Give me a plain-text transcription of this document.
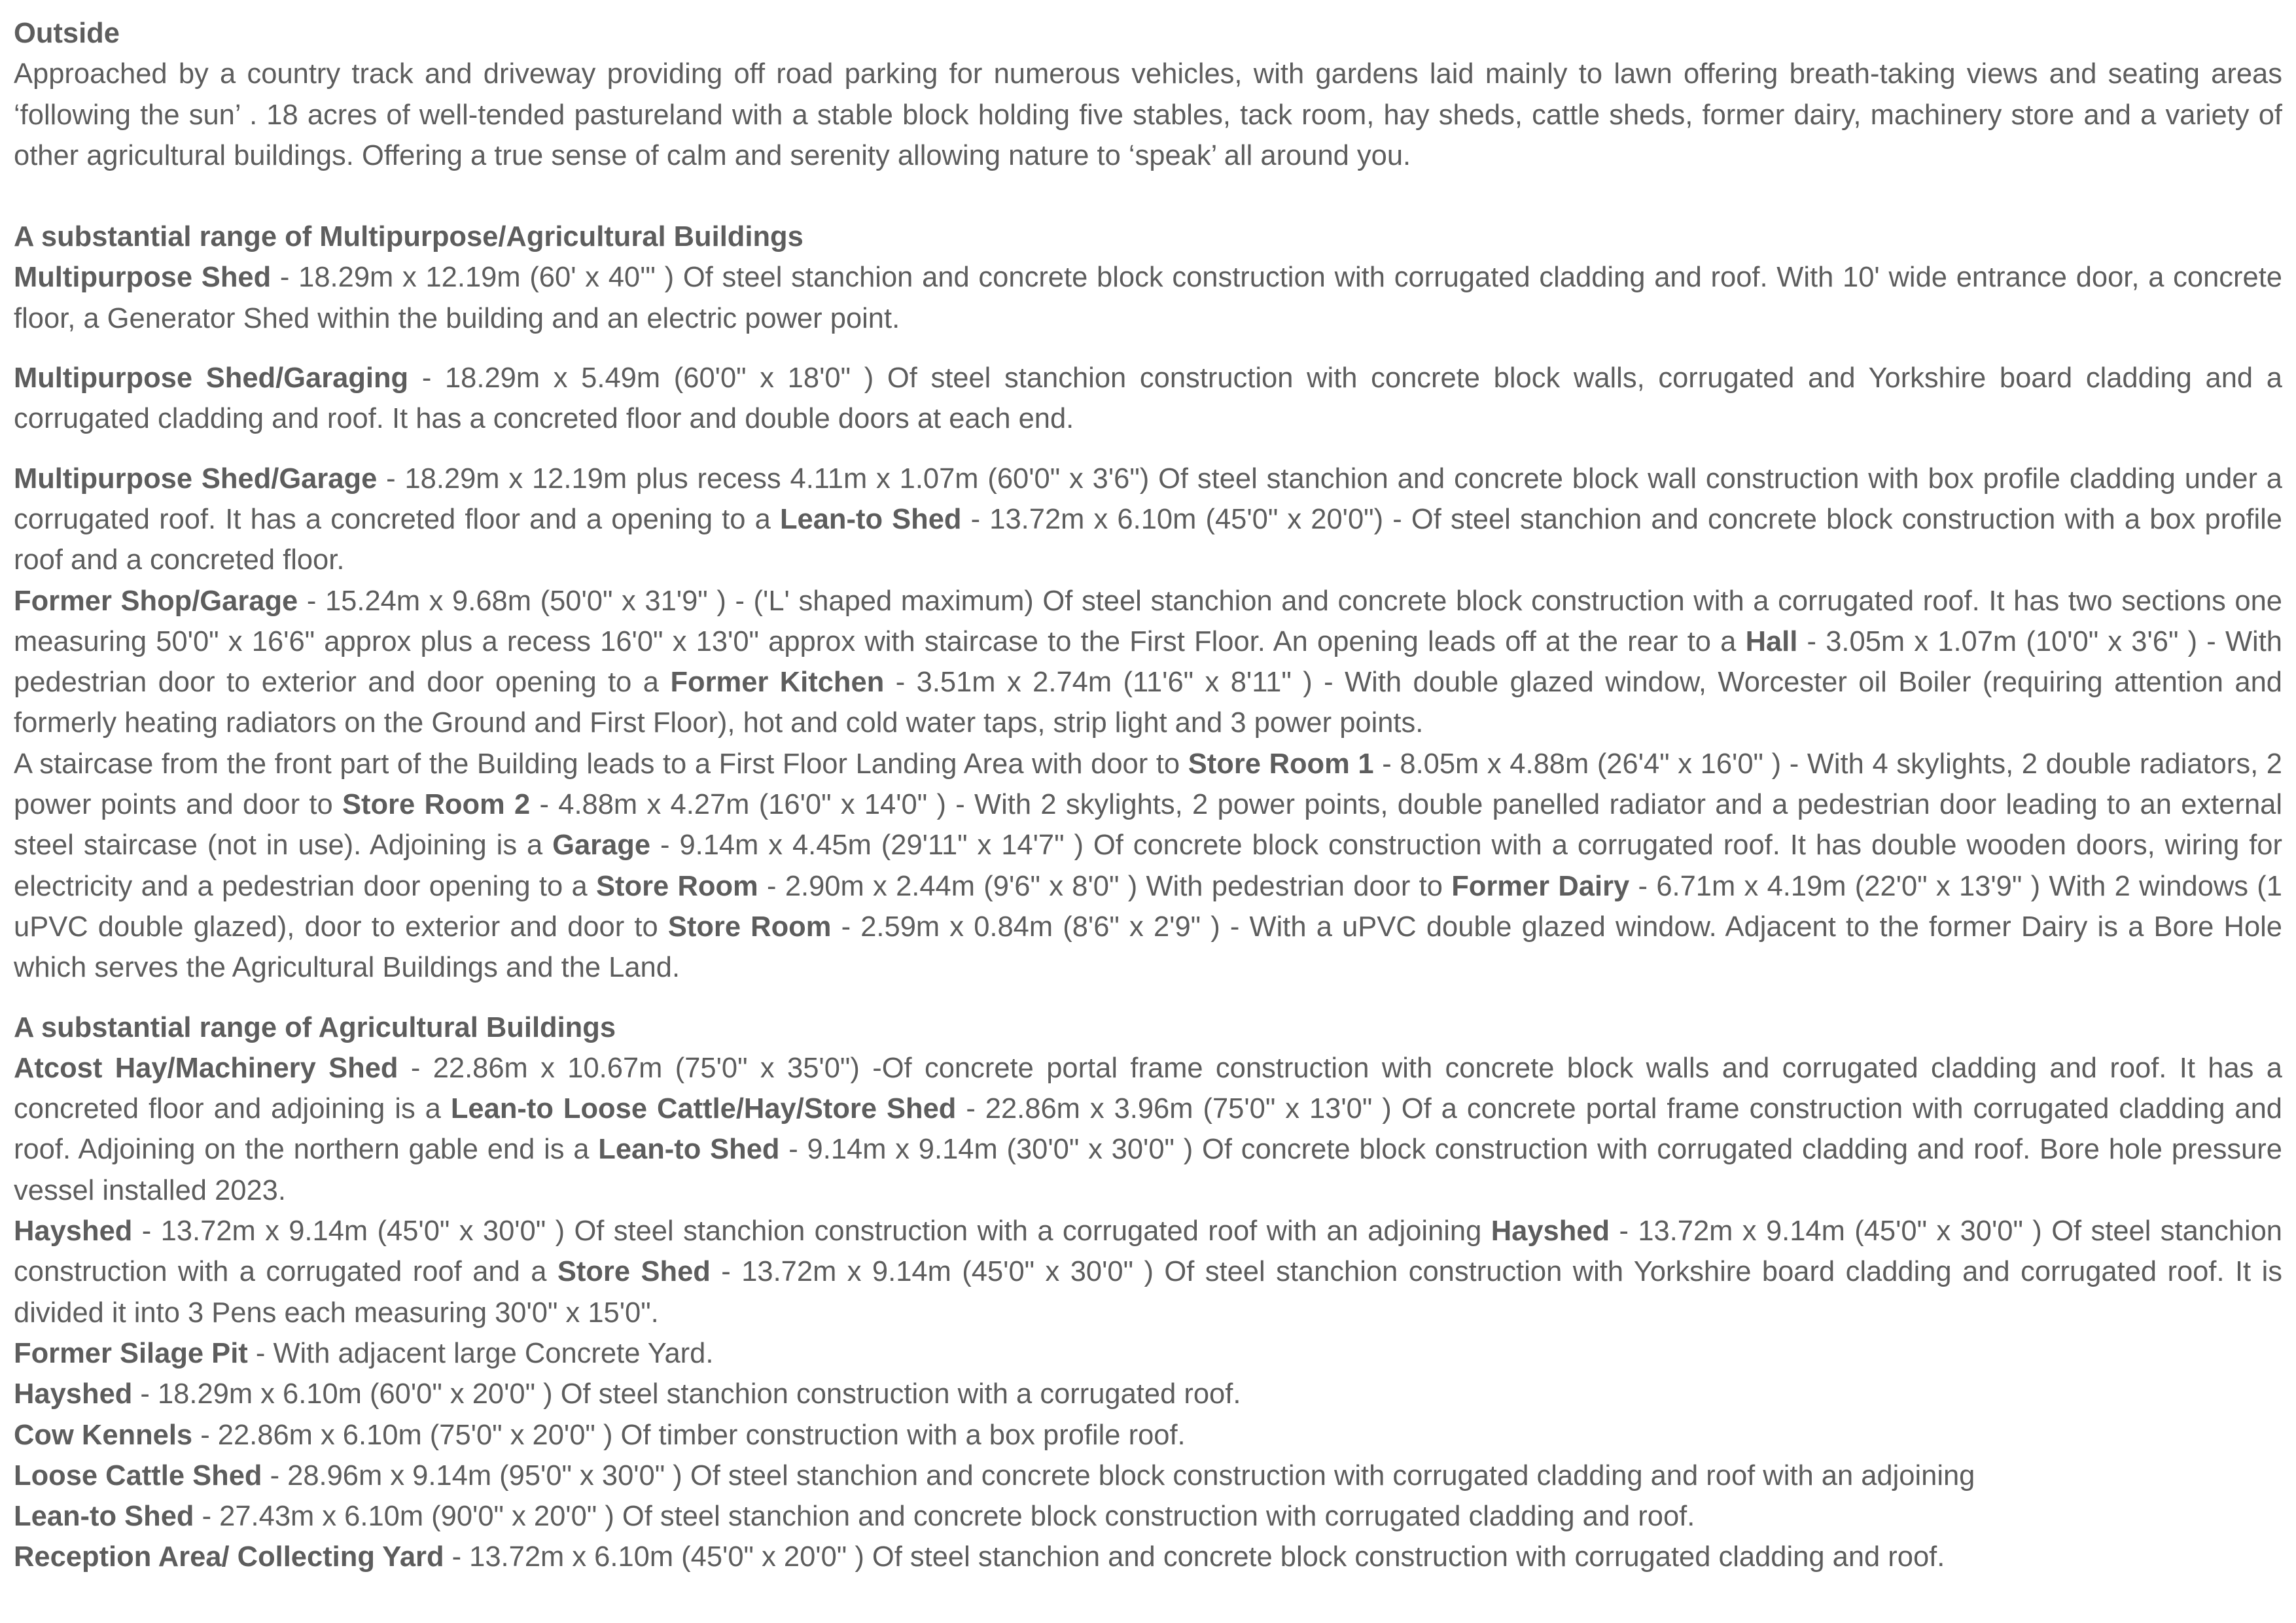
Outside

Approached by a country track and driveway providing off road parking for numerous vehicles, with gardens laid mainly to lawn offering breath-taking views and seating areas ‘following the sun’ . 18 acres of well-tended pastureland with a stable block holding five stables, tack room, hay sheds, cattle sheds, former dairy, machinery store and a variety of other agricultural buildings. Offering a true sense of calm and serenity allowing nature to ‘speak’ all around you.

A substantial range of Multipurpose/Agricultural Buildings

Multipurpose Shed - 18.29m x 12.19m (60' x 40'" ) Of steel stanchion and concrete block construction with corrugated cladding and roof. With 10' wide entrance door, a concrete floor, a Generator Shed within the building and an electric power point.

Multipurpose Shed/Garaging - 18.29m x 5.49m (60'0" x 18'0" ) Of steel stanchion construction with concrete block walls, corrugated and Yorkshire board cladding and a corrugated cladding and roof. It has a concreted floor and double doors at each end.

Multipurpose Shed/Garage - 18.29m x 12.19m plus recess 4.11m x 1.07m (60'0" x 3'6") Of steel stanchion and concrete block wall construction with box profile cladding under a corrugated roof. It has a concreted floor and a opening to a Lean-to Shed - 13.72m x 6.10m (45'0" x 20'0") - Of steel stanchion and concrete block construction with a box profile roof and a concreted floor.

Former Shop/Garage - 15.24m x 9.68m (50'0" x 31'9" ) - ('L' shaped maximum) Of steel stanchion and concrete block construction with a corrugated roof. It has two sections one measuring 50'0" x 16'6" approx plus a recess 16'0" x 13'0" approx with staircase to the First Floor. An opening leads off at the rear to a Hall - 3.05m x 1.07m (10'0" x 3'6" ) - With pedestrian door to exterior and door opening to a Former Kitchen - 3.51m x 2.74m (11'6" x 8'11" ) - With double glazed window, Worcester oil Boiler (requiring attention and formerly heating radiators on the Ground and First Floor), hot and cold water taps, strip light and 3 power points.

A staircase from the front part of the Building leads to a First Floor Landing Area with door to Store Room 1 - 8.05m x 4.88m (26'4" x 16'0" ) - With 4 skylights, 2 double radiators, 2 power points and door to Store Room 2 - 4.88m x 4.27m (16'0" x 14'0" ) - With 2 skylights, 2 power points, double panelled radiator and a pedestrian door leading to an external steel staircase (not in use). Adjoining is a Garage - 9.14m x 4.45m (29'11" x 14'7" ) Of concrete block construction with a corrugated roof. It has double wooden doors, wiring for electricity and a pedestrian door opening to a Store Room - 2.90m x 2.44m (9'6" x 8'0" ) With pedestrian door to Former Dairy - 6.71m x 4.19m (22'0" x 13'9" ) With 2 windows (1 uPVC double glazed), door to exterior and door to Store Room - 2.59m x 0.84m (8'6" x 2'9" ) - With a uPVC double glazed window. Adjacent to the former Dairy is a Bore Hole which serves the Agricultural Buildings and the Land.

A substantial range of Agricultural Buildings

Atcost Hay/Machinery Shed - 22.86m x 10.67m (75'0" x 35'0") -Of concrete portal frame construction with concrete block walls and corrugated cladding and roof. It has a concreted floor and adjoining is a Lean-to Loose Cattle/Hay/Store Shed - 22.86m x 3.96m (75'0" x 13'0" ) Of a concrete portal frame construction with corrugated cladding and roof. Adjoining on the northern gable end is a Lean-to Shed - 9.14m x 9.14m (30'0" x 30'0" ) Of concrete block construction with corrugated cladding and roof. Bore hole pressure vessel installed 2023.

Hayshed - 13.72m x 9.14m (45'0" x 30'0" ) Of steel stanchion construction with a corrugated roof with an adjoining Hayshed - 13.72m x 9.14m (45'0" x 30'0" ) Of steel stanchion construction with a corrugated roof and a Store Shed - 13.72m x 9.14m (45'0" x 30'0" ) Of steel stanchion construction with Yorkshire board cladding and corrugated roof. It is divided it into 3 Pens each measuring 30'0" x 15'0".

Former Silage Pit - With adjacent large Concrete Yard.

Hayshed - 18.29m x 6.10m (60'0" x 20'0" ) Of steel stanchion construction with a corrugated roof.

Cow Kennels - 22.86m x 6.10m (75'0" x 20'0" ) Of timber construction with a box profile roof.

Loose Cattle Shed - 28.96m x 9.14m (95'0" x 30'0" ) Of steel stanchion and concrete block construction with corrugated cladding and roof with an adjoining

Lean-to Shed - 27.43m x 6.10m (90'0" x 20'0" ) Of steel stanchion and concrete block construction with corrugated cladding and roof.

Reception Area/ Collecting Yard - 13.72m x 6.10m (45'0" x 20'0" ) Of steel stanchion and concrete block construction with corrugated cladding and roof.
